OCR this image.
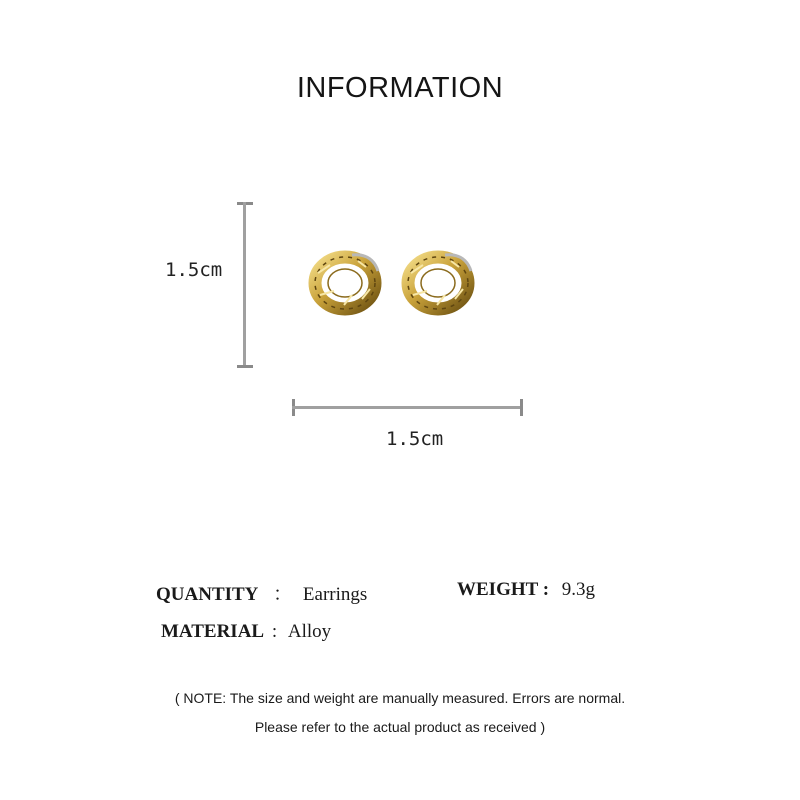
INFORMATION
1.5cm
1.5cm
QUANTITY ： Earrings	WEIGHT : 9.3g
MATERIAL : Alloy
( NOTE: The size and weight are manually measured. Errors are normal.
Please refer to the actual product as received )
